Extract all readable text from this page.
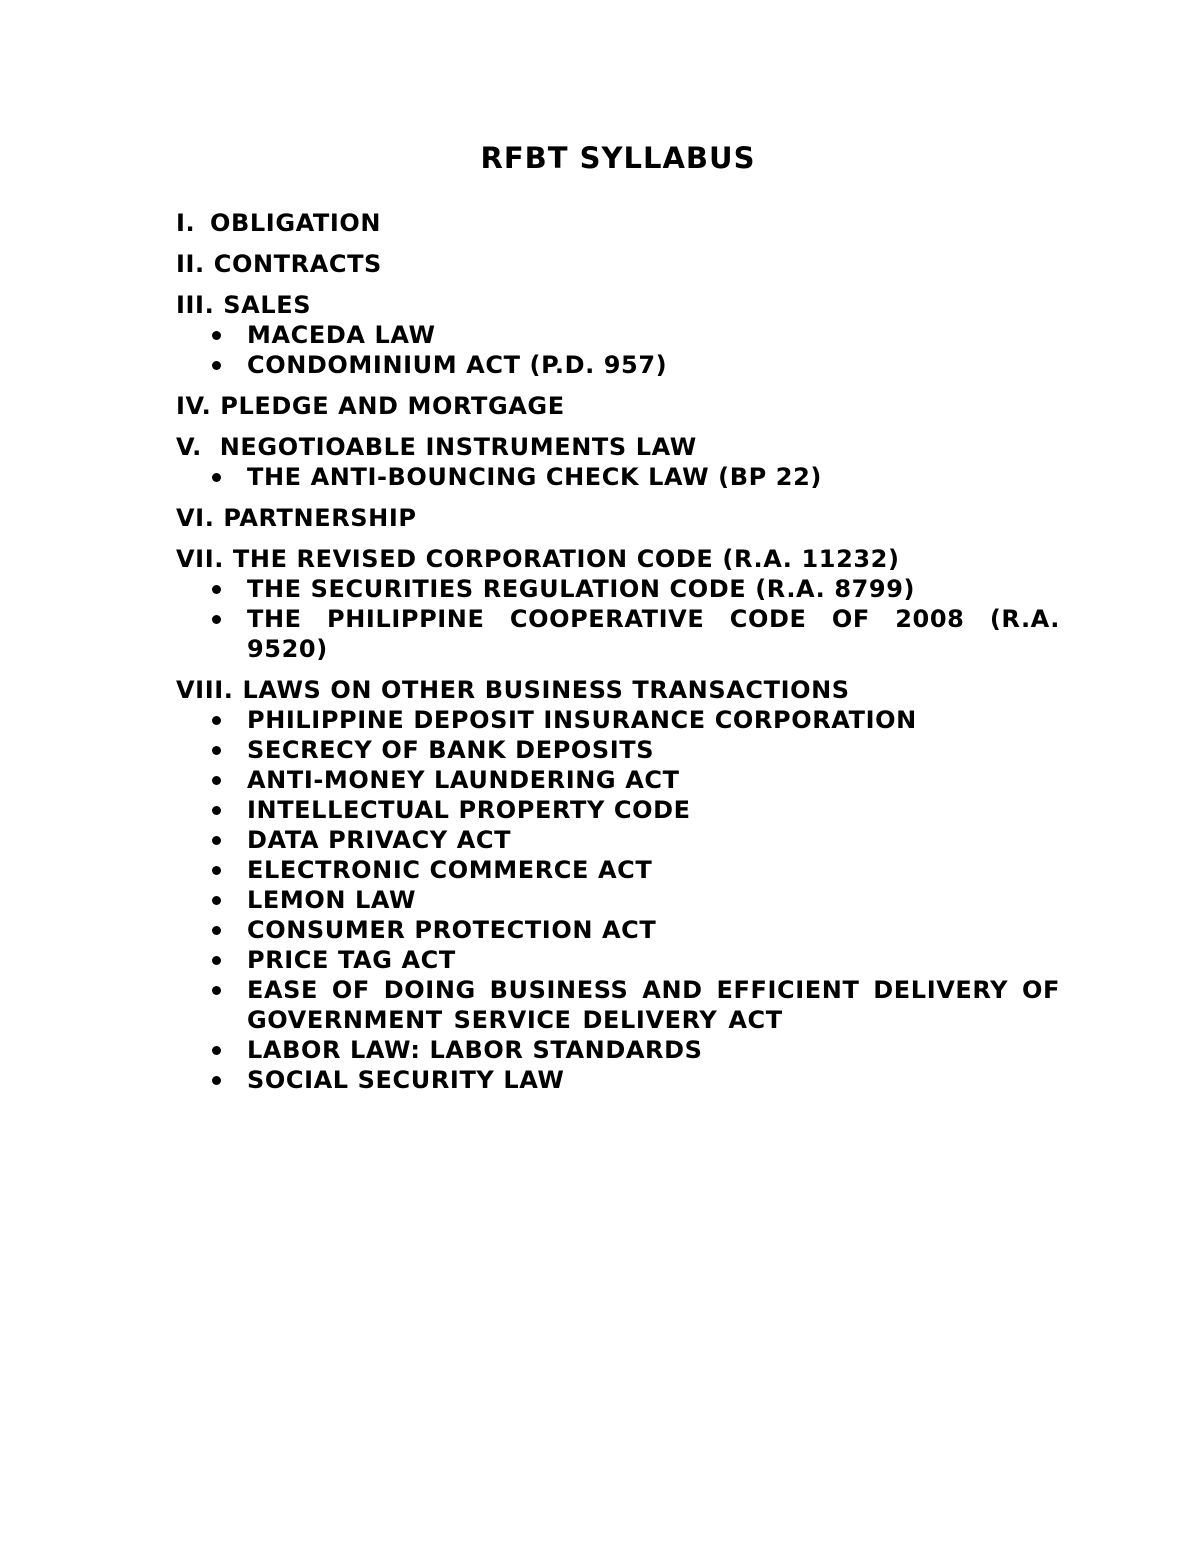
RFBT SYLLABUS
I. OBLIGATION
II. CONTRACTS
III. SALES
MACEDA LAW
CONDOMINIUM ACT (P.D. 957)
IV. PLEDGE AND MORTGAGE
V. NEGOTIOABLE INSTRUMENTS LAW
THE ANTI-BOUNCING CHECK LAW (BP 22)
VI. PARTNERSHIP
VII. THE REVISED CORPORATION CODE (R.A. 11232)
THE SECURITIES REGULATION CODE (R.A. 8799)
THE PHILIPPINE COOPERATIVE CODE OF 2008 (R.A. 9520)
VIII. LAWS ON OTHER BUSINESS TRANSACTIONS
PHILIPPINE DEPOSIT INSURANCE CORPORATION
SECRECY OF BANK DEPOSITS
ANTI-MONEY LAUNDERING ACT
INTELLECTUAL PROPERTY CODE
DATA PRIVACY ACT
ELECTRONIC COMMERCE ACT
LEMON LAW
CONSUMER PROTECTION ACT
PRICE TAG ACT
EASE OF DOING BUSINESS AND EFFICIENT DELIVERY OF GOVERNMENT SERVICE DELIVERY ACT
LABOR LAW: LABOR STANDARDS
SOCIAL SECURITY LAW
